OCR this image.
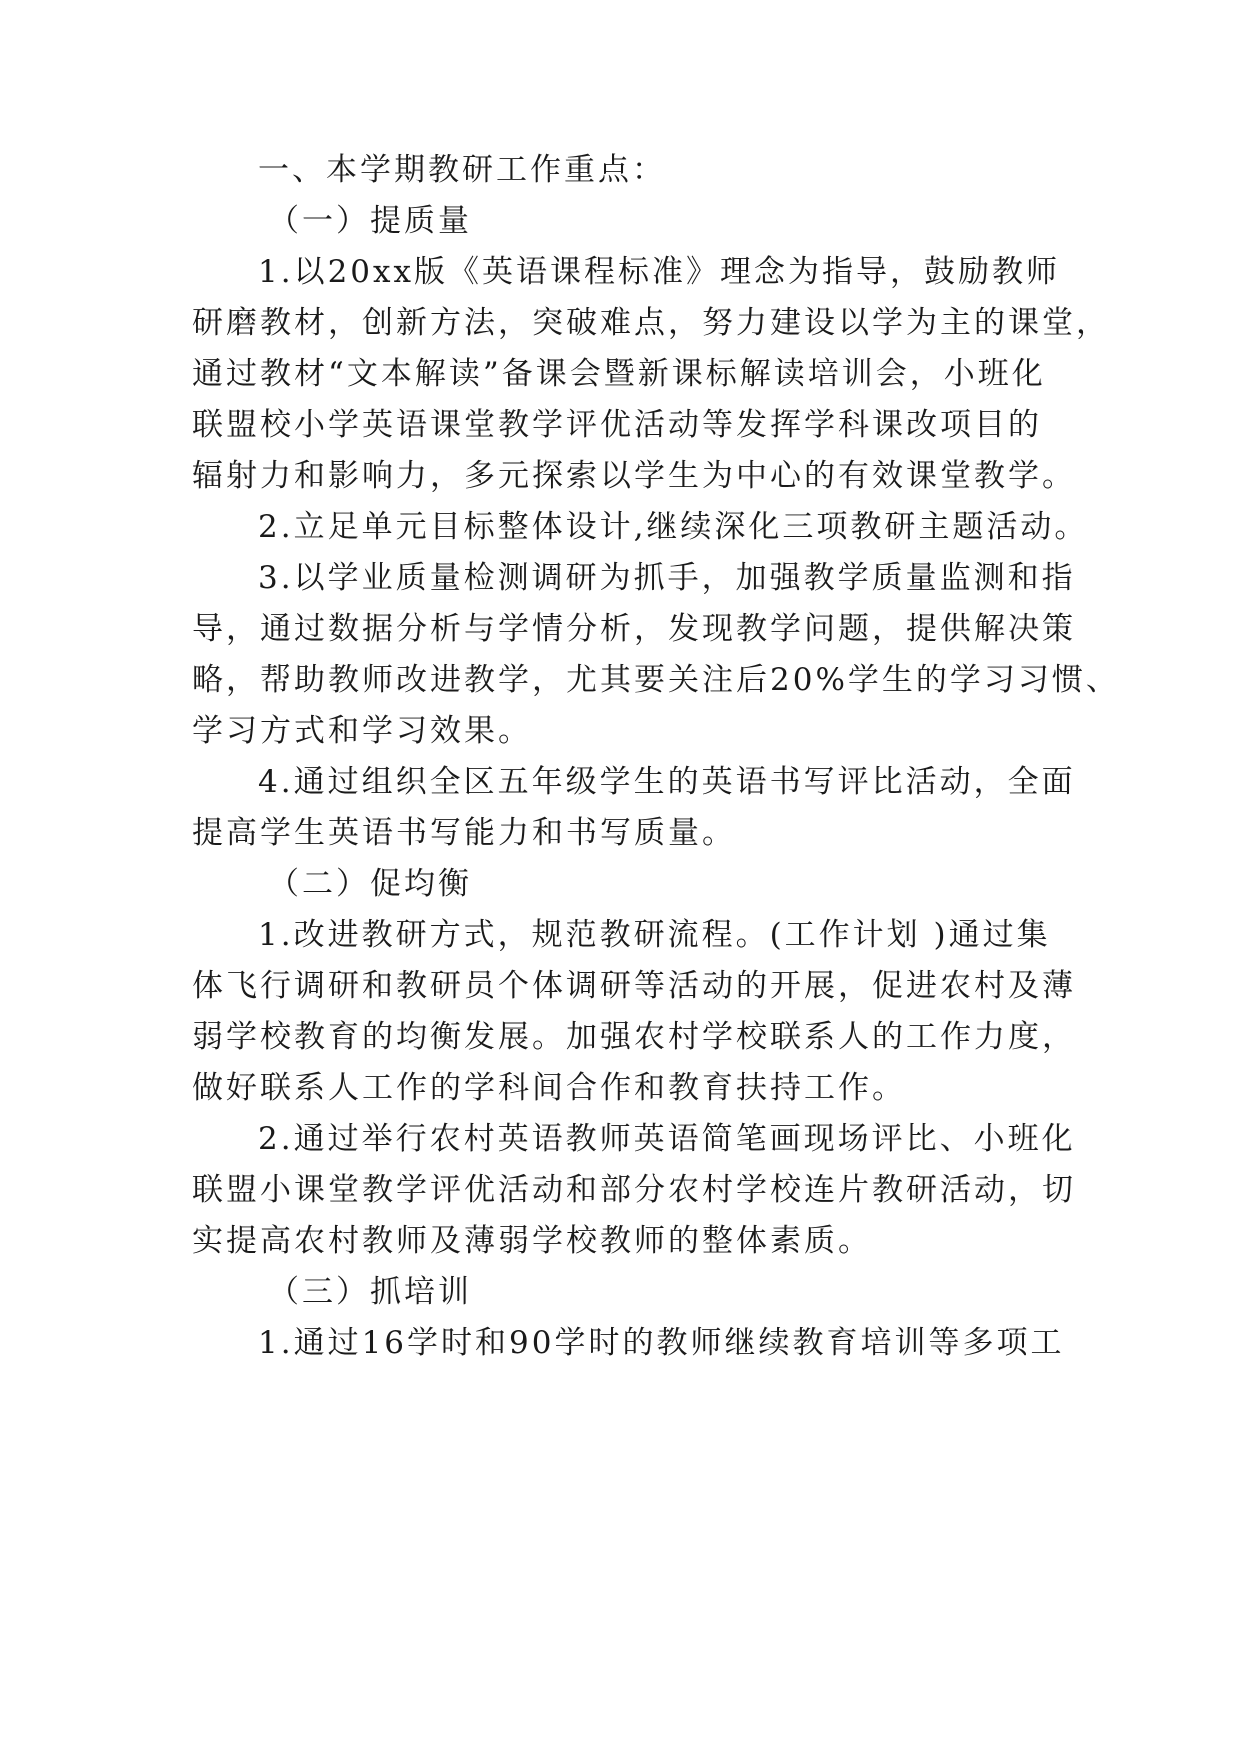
一、本学期教研工作重点：
（一）提质量
1.以20xx版《英语课程标准》理念为指导，鼓励教师
研磨教材，创新方法，突破难点，努力建设以学为主的课堂，
通过教材“文本解读”备课会暨新课标解读培训会，小班化
联盟校小学英语课堂教学评优活动等发挥学科课改项目的
辐射力和影响力，多元探索以学生为中心的有效课堂教学。
2.立足单元目标整体设计,继续深化三项教研主题活动。
3.以学业质量检测调研为抓手，加强教学质量监测和指
导，通过数据分析与学情分析，发现教学问题，提供解决策
略，帮助教师改进教学，尤其要关注后20%学生的学习习惯、
学习方式和学习效果。
4.通过组织全区五年级学生的英语书写评比活动，全面
提高学生英语书写能力和书写质量。
（二）促均衡
1.改进教研方式，规范教研流程。(工作计划 )通过集
体飞行调研和教研员个体调研等活动的开展，促进农村及薄
弱学校教育的均衡发展。加强农村学校联系人的工作力度，
做好联系人工作的学科间合作和教育扶持工作。
2.通过举行农村英语教师英语简笔画现场评比、小班化
联盟小课堂教学评优活动和部分农村学校连片教研活动，切
实提高农村教师及薄弱学校教师的整体素质。
（三）抓培训
1.通过16学时和90学时的教师继续教育培训等多项工
